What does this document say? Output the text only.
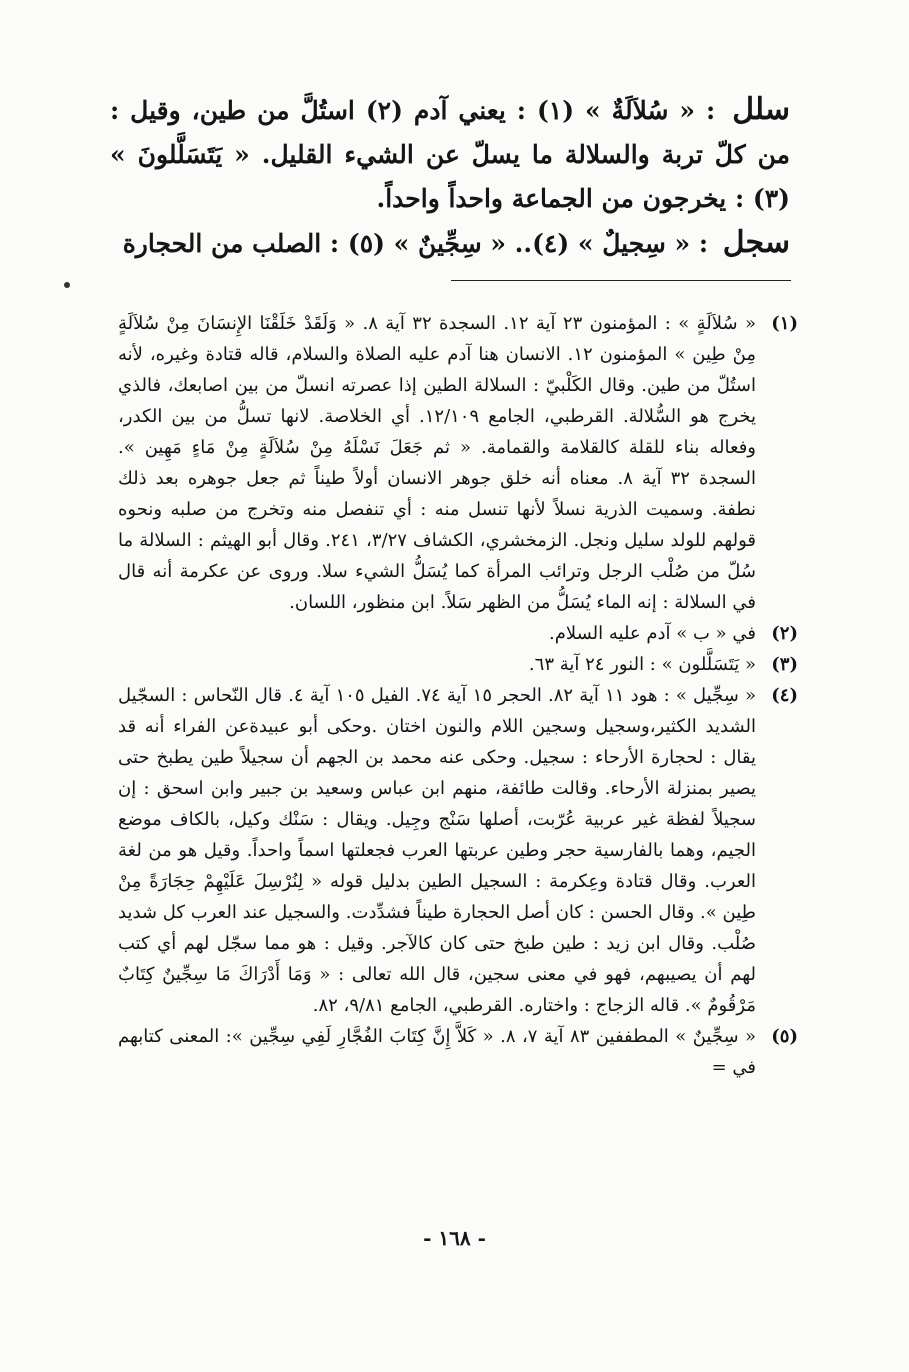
سلل : « سُلاَلَةٌ » (١) : يعني آدم (٢) استُلَّ من طين، وقيل : من كلّ تربة والسلالة ما يسلّ عن الشيء القليل. « يَتَسَلَّلونَ » (٣) : يخرجون من الجماعة واحداً واحداً.
سجل : « سِجيلٌ » (٤).. « سِجِّينٌ » (٥) : الصلب من الحجارة
(١)
« سُلاَلَةٍ » : المؤمنون ٢٣ آية ١٢. السجدة ٣٢ آية ٨. « وَلَقَدْ خَلَقْنَا الإِنسَانَ مِنْ سُلاَلَةٍ مِنْ طِين » المؤمنون ١٢. الانسان هنا آدم عليه الصلاة والسلام، قاله قتادة وغيره، لأنه استُلّ من طين. وقال الكَلْبيّ : السلالة الطين إذا عصرته انسلّ من بين اصابعك، فالذي يخرج هو السُّلالة. القرطبي، الجامع ١٢/١٠٩. أي الخلاصة. لانها تسلُّ من بين الكدر، وفعاله بناء للقلة كالقلامة والقمامة. « ثم جَعَلَ نَسْلَهُ مِنْ سُلاَلَةٍ مِنْ مَاءٍ مَهِين ». السجدة ٣٢ آية ٨. معناه أنه خلق جوهر الانسان أولاً طيناً ثم جعل جوهره بعد ذلك نطفة. وسميت الذرية نسلاً لأنها تنسل منه : أي تنفصل منه وتخرج من صلبه ونحوه قولهم للولد سليل ونجل. الزمخشري، الكشاف ٣/٢٧، ٢٤١. وقال أبو الهيثم : السلالة ما سُلّ من صُلْب الرجل وترائب المرأة كما يُسَلُّ الشيء سلا. وروى عن عكرمة أنه قال في السلالة : إنه الماء يُسَلُّ من الظهر سَلاً. ابن منظور، اللسان.
(٢)
في « ب » آدم عليه السلام.
(٣)
« يَتَسَلَّلون » : النور ٢٤ آية ٦٣.
(٤)
« سِجِّيل » : هود ١١ آية ٨٢. الحجر ١٥ آية ٧٤. الفيل ١٠٥ آية ٤. قال النّحاس : السجّيل الشديد الكثير،وسجيل وسجين اللام والنون اختان .وحكى أبو عبيدةعن الفراء أنه قد يقال : لحجارة الأرحاء : سجيل. وحكى عنه محمد بن الجهم أن سجيلاً طين يطبخ حتى يصير بمنزلة الأرحاء. وقالت طائفة، منهم ابن عباس وسعيد بن جبير وابن اسحق : إن سجيلاً لفظة غير عربية عُرّبت، أصلها سَنْج وجِيل. ويقال : سَنْك وكيل، بالكاف موضع الجيم، وهما بالفارسية حجر وطين عربتها العرب فجعلتها اسماً واحداً. وقيل هو من لغة العرب. وقال قتادة وعِكرمة : السجيل الطين بدليل قوله « لِنُرْسِلَ عَلَيْهِمْ حِجَارَةً مِنْ طِين ». وقال الحسن : كان أصل الحجارة طيناً فشدِّدت. والسجيل عند العرب كل شديد صُلْب. وقال ابن زيد : طين طبخ حتى كان كالآجر. وقيل : هو مما سجّل لهم أي كتب لهم أن يصيبهم، فهو في معنى سجين، قال الله تعالى : « وَمَا أَدْرَاكَ مَا سِجِّينٌ كِتَابٌ مَرْقُومٌ ». قاله الزجاج : واختاره. القرطبي، الجامع ٩/٨١، ٨٢.
(٥)
« سِجِّينٌ » المطففين ٨٣ آية ٧، ٨. « كَلاَّ إِنَّ كِتَابَ الفُجَّارِ لَفِي سِجِّين »: المعنى كتابهم في =
- ١٦٨ -
